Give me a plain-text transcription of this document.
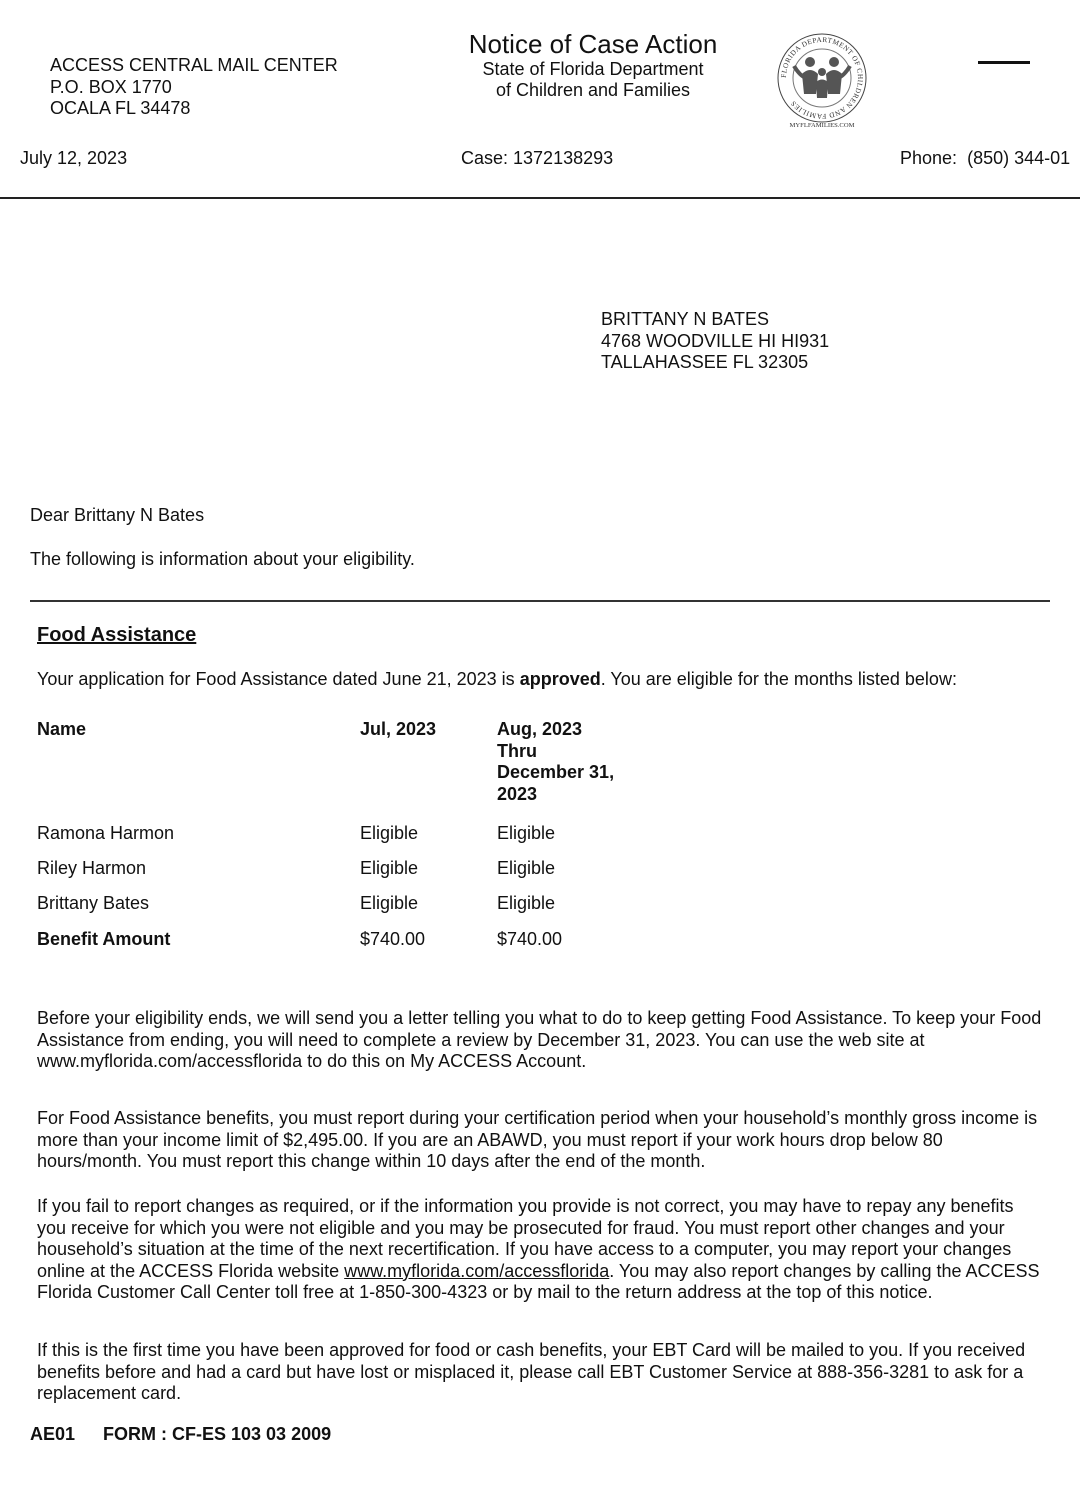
ACCESS CENTRAL MAIL CENTER
P.O. BOX 1770
OCALA FL 34478
Notice of Case Action
State of Florida Department
of Children and Families
FLORIDA DEPARTMENT OF CHILDREN AND FAMILIES
MYFLFAMILIES.COM
July 12, 2023	Case: 1372138293	Phone: (850) 344-01
BRITTANY N BATES
4768 WOODVILLE HI HI931
TALLAHASSEE FL 32305
Dear Brittany N Bates
The following is information about your eligibility.
Food Assistance
Your application for Food Assistance dated June 21, 2023 is approved. You are eligible for the months listed below:
Name	Jul, 2023	Aug, 2023
Thru
December 31,
2023
Ramona Harmon	Eligible	Eligible
Riley Harmon	Eligible	Eligible
Brittany Bates	Eligible	Eligible
Benefit Amount	$740.00	$740.00
Before your eligibility ends, we will send you a letter telling you what to do to keep getting Food Assistance. To keep your Food Assistance from ending, you will need to complete a review by December 31, 2023. You can use the web site at www.myflorida.com/accessflorida to do this on My ACCESS Account.
For Food Assistance benefits, you must report during your certification period when your household’s monthly gross income is more than your income limit of $2,495.00. If you are an ABAWD, you must report if your work hours drop below 80 hours/month. You must report this change within 10 days after the end of the month.
If you fail to report changes as required, or if the information you provide is not correct, you may have to repay any benefits you receive for which you were not eligible and you may be prosecuted for fraud. You must report other changes and your household’s situation at the time of the next recertification. If you have access to a computer, you may report your changes online at the ACCESS Florida website www.myflorida.com/accessflorida. You may also report changes by calling the ACCESS Florida Customer Call Center toll free at 1-850-300-4323 or by mail to the return address at the top of this notice.
If this is the first time you have been approved for food or cash benefits, your EBT Card will be mailed to you. If you received benefits before and had a card but have lost or misplaced it, please call EBT Customer Service at 888-356-3281 to ask for a replacement card.
AE01 FORM : CF-ES 103 03 2009
